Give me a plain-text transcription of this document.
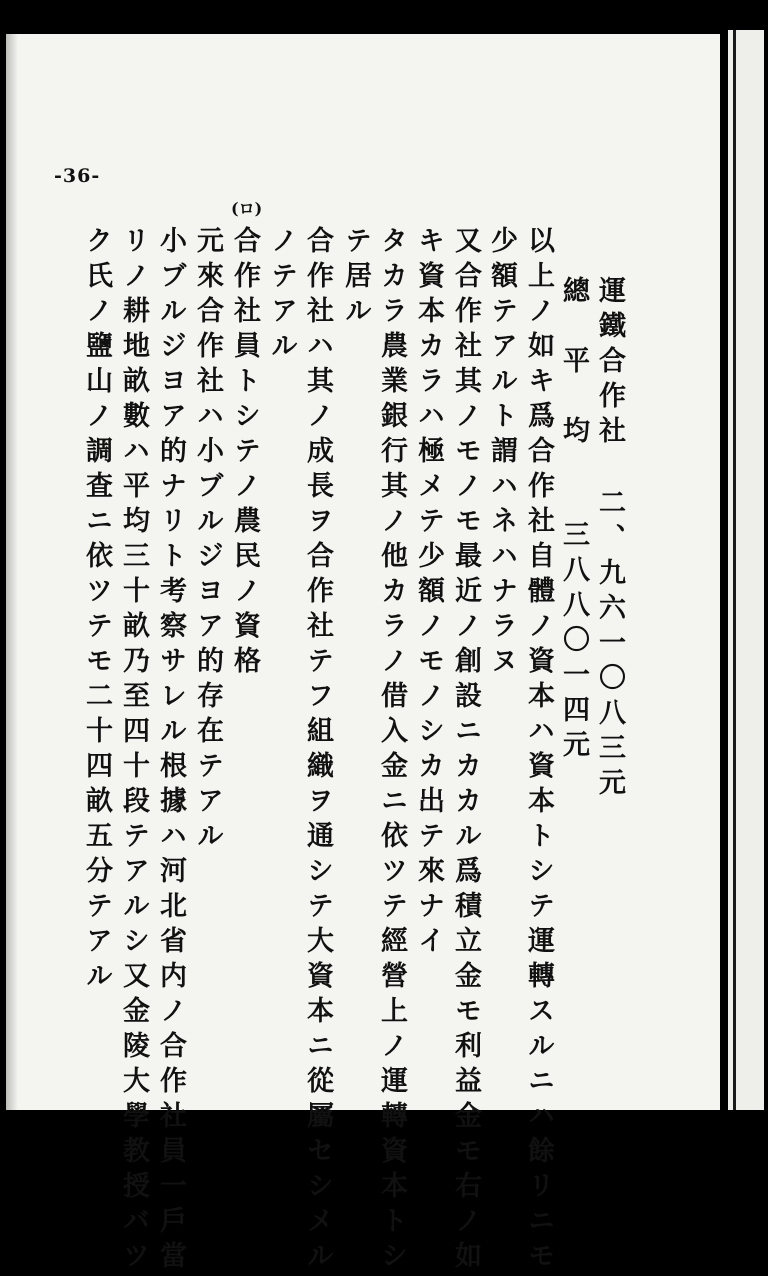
-36-
運鐵合作社
二、九六一〇八三元
總　平　均
三八八〇一四元
以上ノ如キ爲合作社自體ノ資本ハ資本トシテ運轉スルニハ餘リニモ
少額テアルト謂ハネハナラヌ
又合作社其ノモノモ最近ノ創設ニカカル爲積立金モ利益金モ右ノ如
キ資本カラハ極メテ少額ノモノシカ出テ來ナイ
タカラ農業銀行其ノ他カラノ借入金ニ依ツテ經營上ノ運轉資本トシ
テ居ル
合作社ハ其ノ成長ヲ合作社テフ組織ヲ通シテ大資本ニ從屬セシメル
ノテアル
(ロ)
合作社員トシテノ農民ノ資格
元來合作社ハ小ブルジヨア的存在テアル
小ブルジヨア的ナリト考察サレル根據ハ河北省内ノ合作社員一戶當
リノ耕地畝數ハ平均三十畝乃至四十段テアルシ又金陵大學教授バツ
ク氏ノ鹽山ノ調査ニ依ツテモ二十四畝五分テアル
